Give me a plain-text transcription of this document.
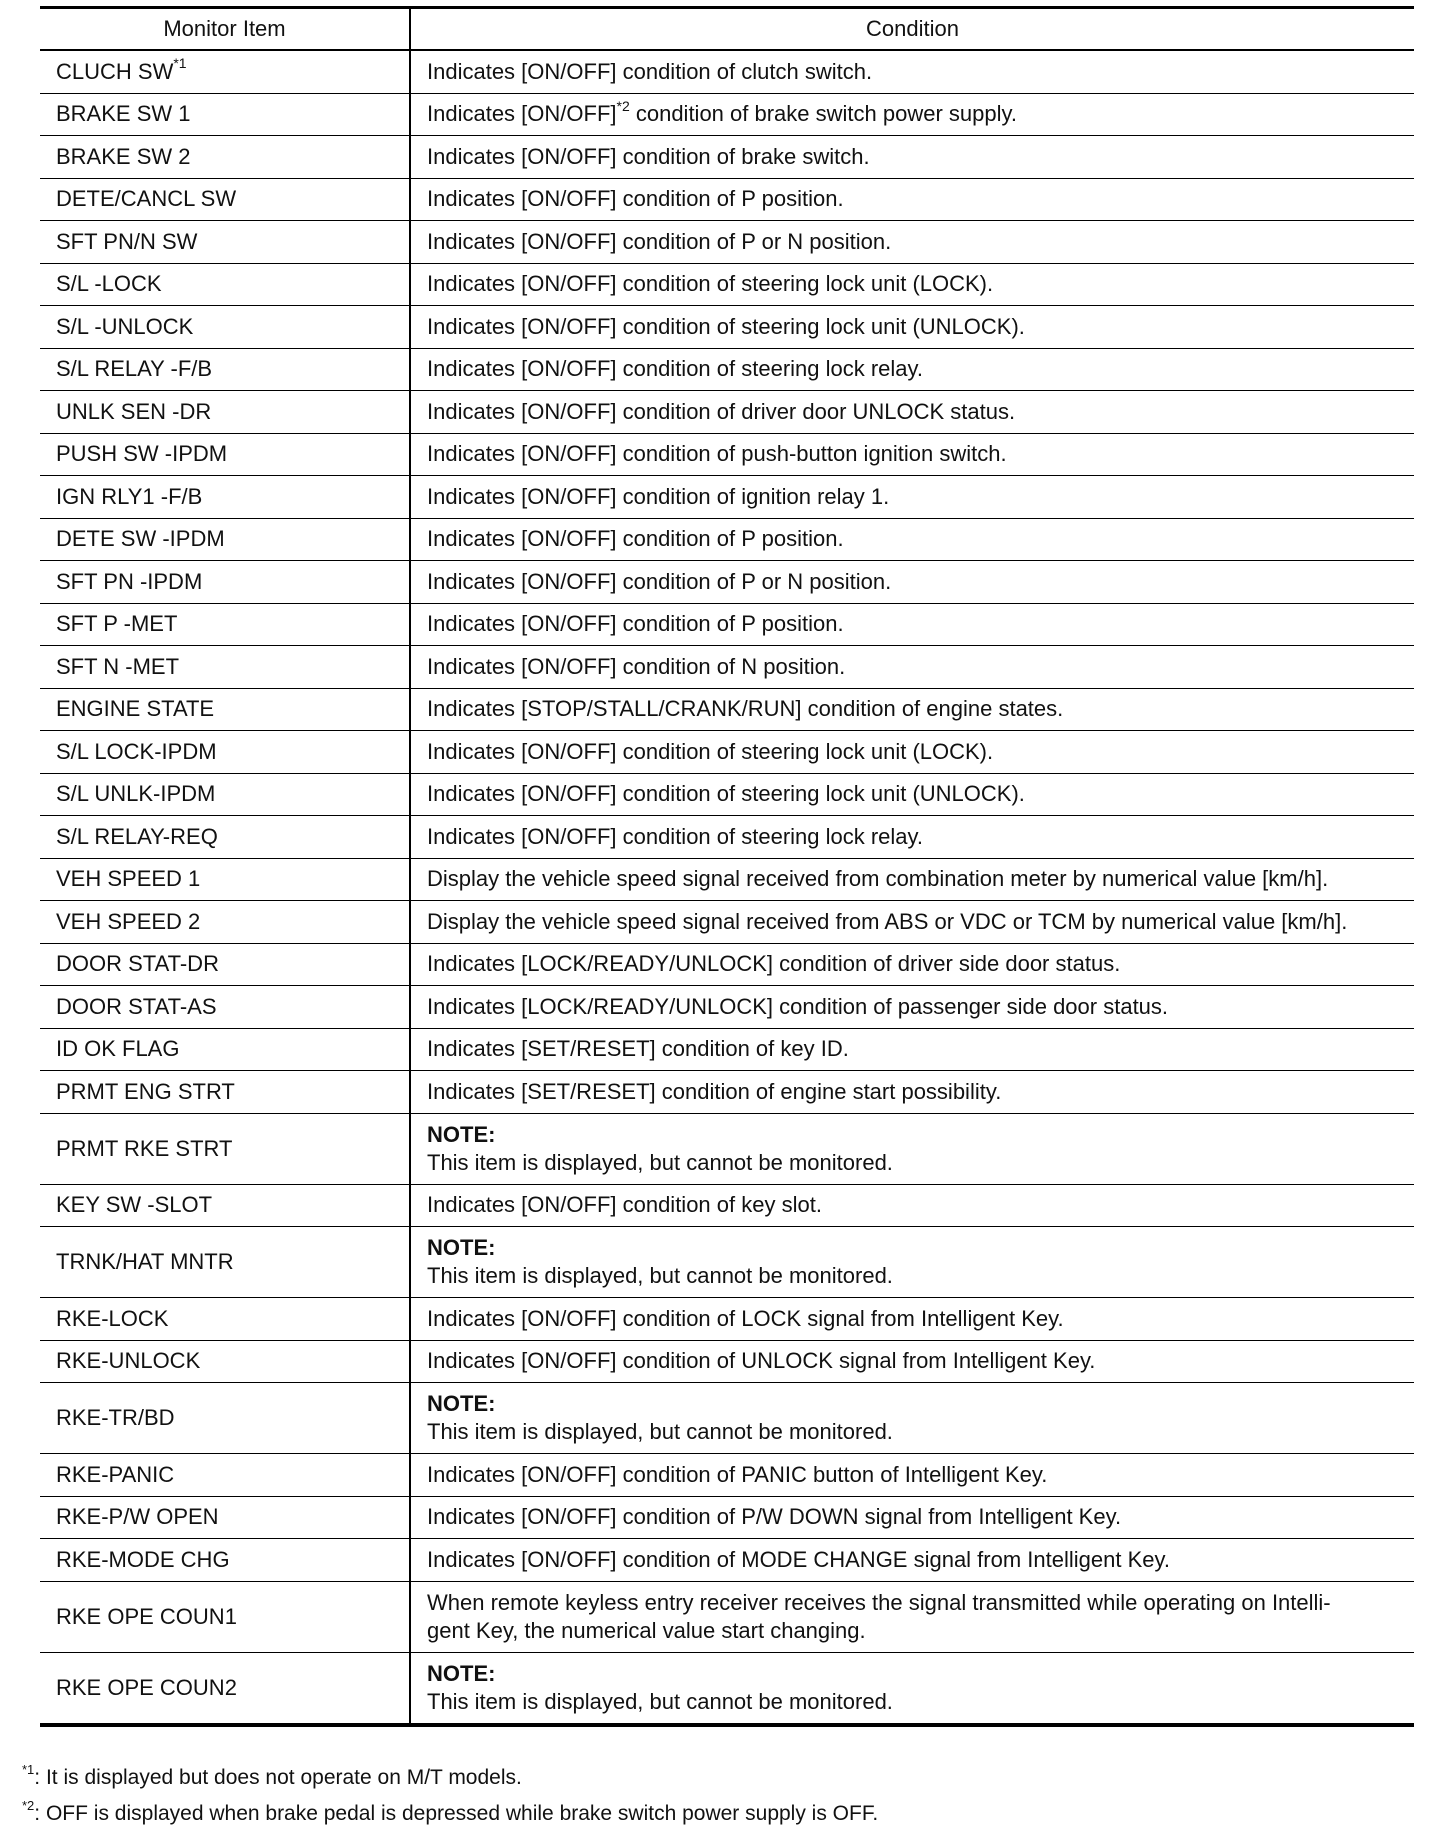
Monitor Item	Condition
CLUCH SW$^{*1}$	Indicates [ON/OFF] condition of clutch switch.
BRAKE SW 1	Indicates $[ON/OFF]^{*2}$ condition of brake switch power supply.
BRAKE SW 2	Indicates [ON/OFF] condition of brake switch.
DETE/CANCL SW	Indicates [ON/OFF] condition of P position.
SFT PN/N SW	Indicates [ON/OFF] condition of P or N position.
S/L -LOCK	Indicates [ON/OFF] condition of steering lock unit (LOCK).
S/L -UNLOCK	Indicates [ON/OFF] condition of steering lock unit (UNLOCK).
S/L RELAY -F/B	Indicates [ON/OFF] condition of steering lock relay.
UNLK SEN -DR	Indicates [ON/OFF] condition of driver door UNLOCK status.
PUSH SW -IPDM	Indicates [ON/OFF] condition of push-button ignition switch.
IGN RLY1 -F/B	Indicates [ON/OFF] condition of ignition relay 1.
DETE SW -IPDM	Indicates [ON/OFF] condition of P position.
SFT PN -IPDM	Indicates [ON/OFF] condition of P or N position.
SFT P -MET	Indicates [ON/OFF] condition of P position.
SFT N -MET	Indicates [ON/OFF] condition of N position.
ENGINE STATE	Indicates [STOP/STALL/CRANK/RUN] condition of engine states.
S/L LOCK-IPDM	Indicates [ON/OFF] condition of steering lock unit (LOCK).
S/L UNLK-IPDM	Indicates [ON/OFF] condition of steering lock unit (UNLOCK).
S/L RELAY-REQ	Indicates [ON/OFF] condition of steering lock relay.
VEH SPEED 1	Display the vehicle speed signal received from combination meter by numerical value [km/h].
VEH SPEED 2	Display the vehicle speed signal received from ABS or VDC or TCM by numerical value [km/h].
DOOR STAT-DR	Indicates [LOCK/READY/UNLOCK] condition of driver side door status.
DOOR STAT-AS	Indicates [LOCK/READY/UNLOCK] condition of passenger side door status.
ID OK FLAG	Indicates [SET/RESET] condition of key ID.
PRMT ENG STRT	Indicates [SET/RESET] condition of engine start possibility.
PRMT RKE STRT	NOTE:
This item is displayed, but cannot be monitored.

KEY SW -SLOT	Indicates [ON/OFF] condition of key slot.
TRNK/HAT MNTR	NOTE:
This item is displayed, but cannot be monitored.

RKE-LOCK	Indicates [ON/OFF] condition of LOCK signal from Intelligent Key.
RKE-UNLOCK	Indicates [ON/OFF] condition of UNLOCK signal from Intelligent Key.
RKE-TR/BD	NOTE:
This item is displayed, but cannot be monitored.

RKE-PANIC	Indicates [ON/OFF] condition of PANIC button of Intelligent Key.
RKE-P/W OPEN	Indicates [ON/OFF] condition of P/W DOWN signal from Intelligent Key.
RKE-MODE CHG	Indicates [ON/OFF] condition of MODE CHANGE signal from Intelligent Key.
RKE OPE COUN1	When remote keyless entry receiver receives the signal transmitted while operating on Intelli-
gent Key, the numerical value start changing.

RKE OPE COUN2	NOTE:
This item is displayed, but cannot be monitored.
$^{*1}$: It is displayed but does not operate on M/T models.
$^{*2}$: OFF is displayed when brake pedal is depressed while brake switch power supply is OFF.
